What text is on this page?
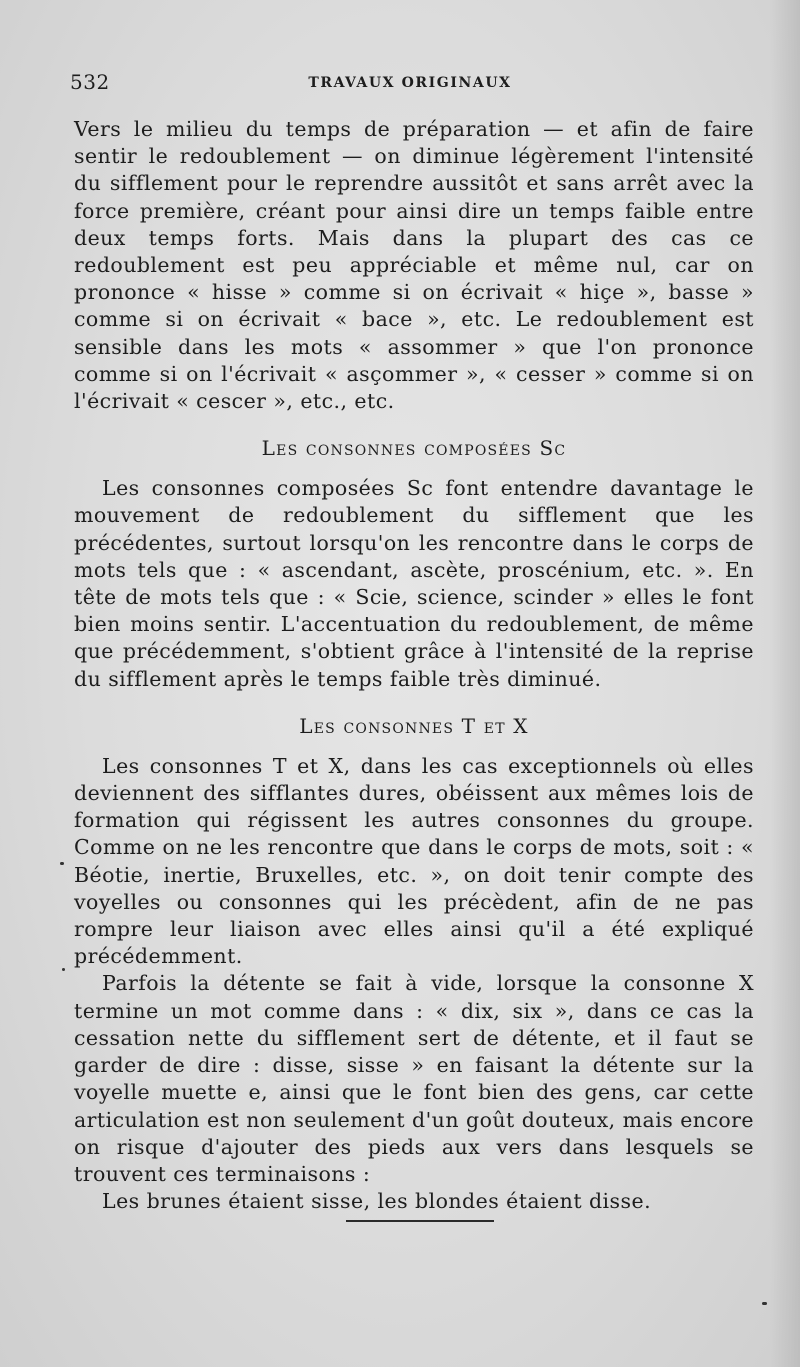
532	TRAVAUX ORIGINAUX

Vers le milieu du temps de préparation — et afin de faire sentir le redoublement — on diminue légèrement l'intensité du sifflement pour le reprendre aussitôt et sans arrêt avec la force première, créant pour ainsi dire un temps faible entre deux temps forts. Mais dans la plupart des cas ce redoublement est peu appréciable et même nul, car on prononce « hisse » comme si on écrivait « hiçe », basse » comme si on écrivait « bace », etc. Le redoublement est sensible dans les mots « assommer » que l'on prononce comme si on l'écrivait « asçommer », « cesser » comme si on l'écrivait « cescer », etc., etc.

Les consonnes composées Sc

Les consonnes composées Sc font entendre davantage le mouvement de redoublement du sifflement que les précédentes, surtout lorsqu'on les rencontre dans le corps de mots tels que : « ascendant, ascète, proscénium, etc. ». En tête de mots tels que : « Scie, science, scinder » elles le font bien moins sentir. L'accentuation du redoublement, de même que précédemment, s'obtient grâce à l'intensité de la reprise du sifflement après le temps faible très diminué.

Les consonnes T et X

Les consonnes T et X, dans les cas exceptionnels où elles deviennent des sifflantes dures, obéissent aux mêmes lois de formation qui régissent les autres consonnes du groupe. Comme on ne les rencontre que dans le corps de mots, soit : « Béotie, inertie, Bruxelles, etc. », on doit tenir compte des voyelles ou consonnes qui les précèdent, afin de ne pas rompre leur liaison avec elles ainsi qu'il a été expliqué précédemment.

Parfois la détente se fait à vide, lorsque la consonne X termine un mot comme dans : « dix, six », dans ce cas la cessation nette du sifflement sert de détente, et il faut se garder de dire : disse, sisse » en faisant la détente sur la voyelle muette e, ainsi que le font bien des gens, car cette articulation est non seulement d'un goût douteux, mais encore on risque d'ajouter des pieds aux vers dans lesquels se trouvent ces terminaisons :

Les brunes étaient sisse, les blondes étaient disse.
